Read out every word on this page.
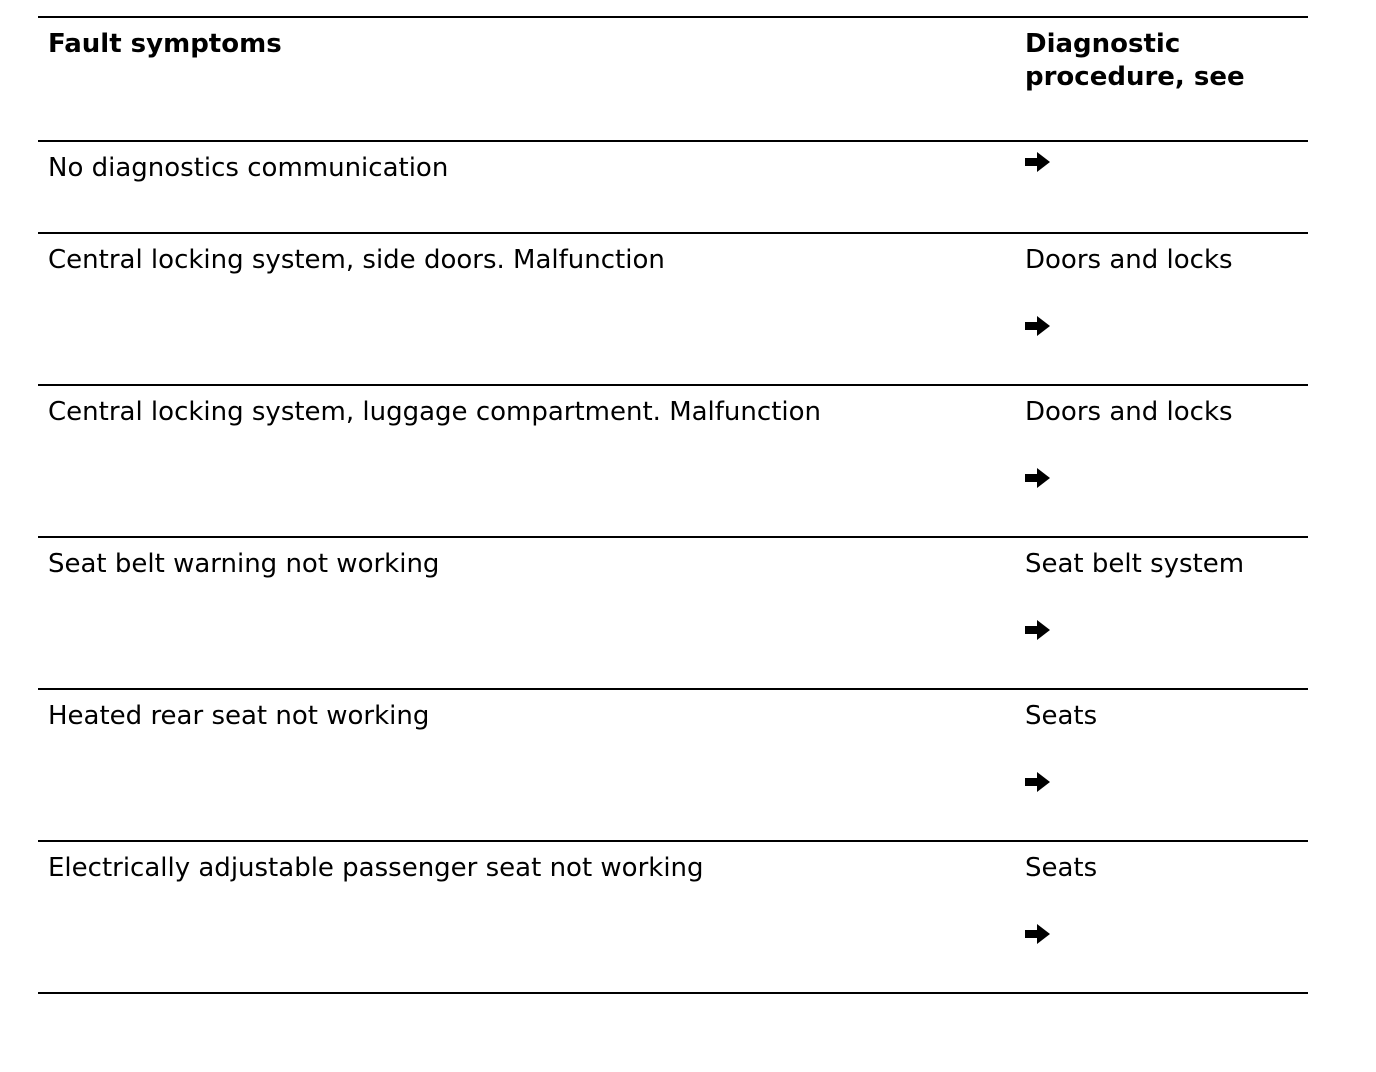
Fault symptoms	Diagnostic
procedure, see
No diagnostics communication
Central locking system, side doors. Malfunction	Doors and locks
Central locking system, luggage compartment. Malfunction	Doors and locks
Seat belt warning not working	Seat belt system
Heated rear seat not working	Seats
Electrically adjustable passenger seat not working	Seats
